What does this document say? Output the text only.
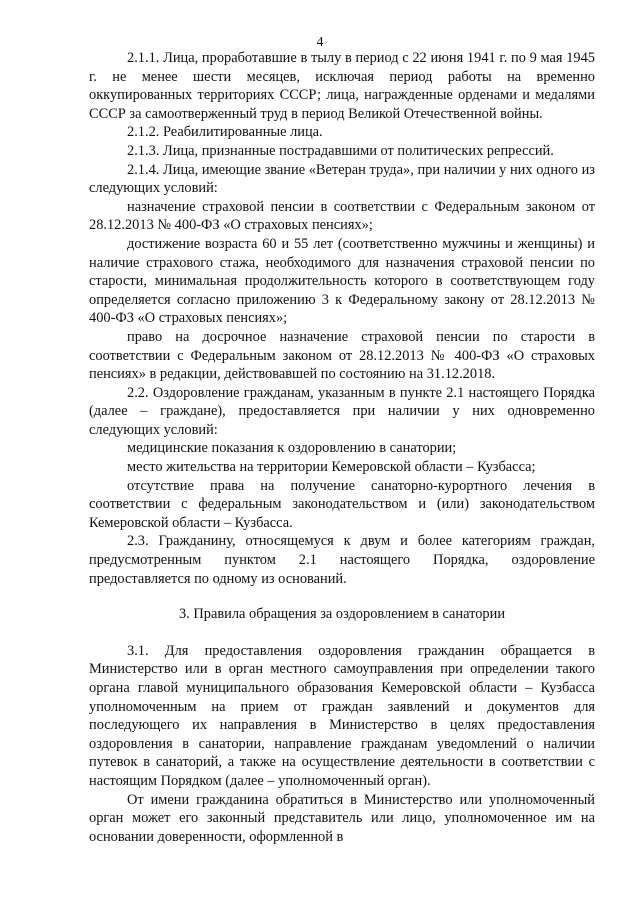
4

2.1.1. Лица, проработавшие в тылу в период с 22 июня 1941 г. по 9 мая 1945 г. не менее шести месяцев, исключая период работы на временно оккупированных территориях СССР; лица, награжденные орденами и медалями СССР за самоотверженный труд в период Великой Отечественной войны.

2.1.2. Реабилитированные лица.

2.1.3. Лица, признанные пострадавшими от политических репрессий.

2.1.4. Лица, имеющие звание «Ветеран труда», при наличии у них одного из следующих условий:

назначение страховой пенсии в соответствии с Федеральным законом от 28.12.2013 № 400-ФЗ «О страховых пенсиях»;

достижение возраста 60 и 55 лет (соответственно мужчины и женщины) и наличие страхового стажа, необходимого для назначения страховой пенсии по старости, минимальная продолжительность которого в соответствующем году определяется согласно приложению 3 к Федеральному закону от 28.12.2013 № 400-ФЗ «О страховых пенсиях»;

право на досрочное назначение страховой пенсии по старости в соответствии с Федеральным законом от 28.12.2013 № 400-ФЗ «О страховых пенсиях» в редакции, действовавшей по состоянию на 31.12.2018.

2.2. Оздоровление гражданам, указанным в пункте 2.1 настоящего Порядка (далее – граждане), предоставляется при наличии у них одновременно следующих условий:

медицинские показания к оздоровлению в санатории;

место жительства на территории Кемеровской области – Кузбасса;

отсутствие права на получение санаторно-курортного лечения в соответствии с федеральным законодательством и (или) законодательством Кемеровской области – Кузбасса.

2.3. Гражданину, относящемуся к двум и более категориям граждан, предусмотренным пунктом 2.1 настоящего Порядка, оздоровление предоставляется по одному из оснований.

3. Правила обращения за оздоровлением в санатории

3.1. Для предоставления оздоровления гражданин обращается в Министерство или в орган местного самоуправления при определении такого органа главой муниципального образования Кемеровской области – Кузбасса уполномоченным на прием от граждан заявлений и документов для последующего их направления в Министерство в целях предоставления оздоровления в санатории, направление гражданам уведомлений о наличии путевок в санаторий, а также на осуществление деятельности в соответствии с настоящим Порядком (далее – уполномоченный орган).

От имени гражданина обратиться в Министерство или уполномоченный орган может его законный представитель или лицо, уполномоченное им на основании доверенности, оформленной в
